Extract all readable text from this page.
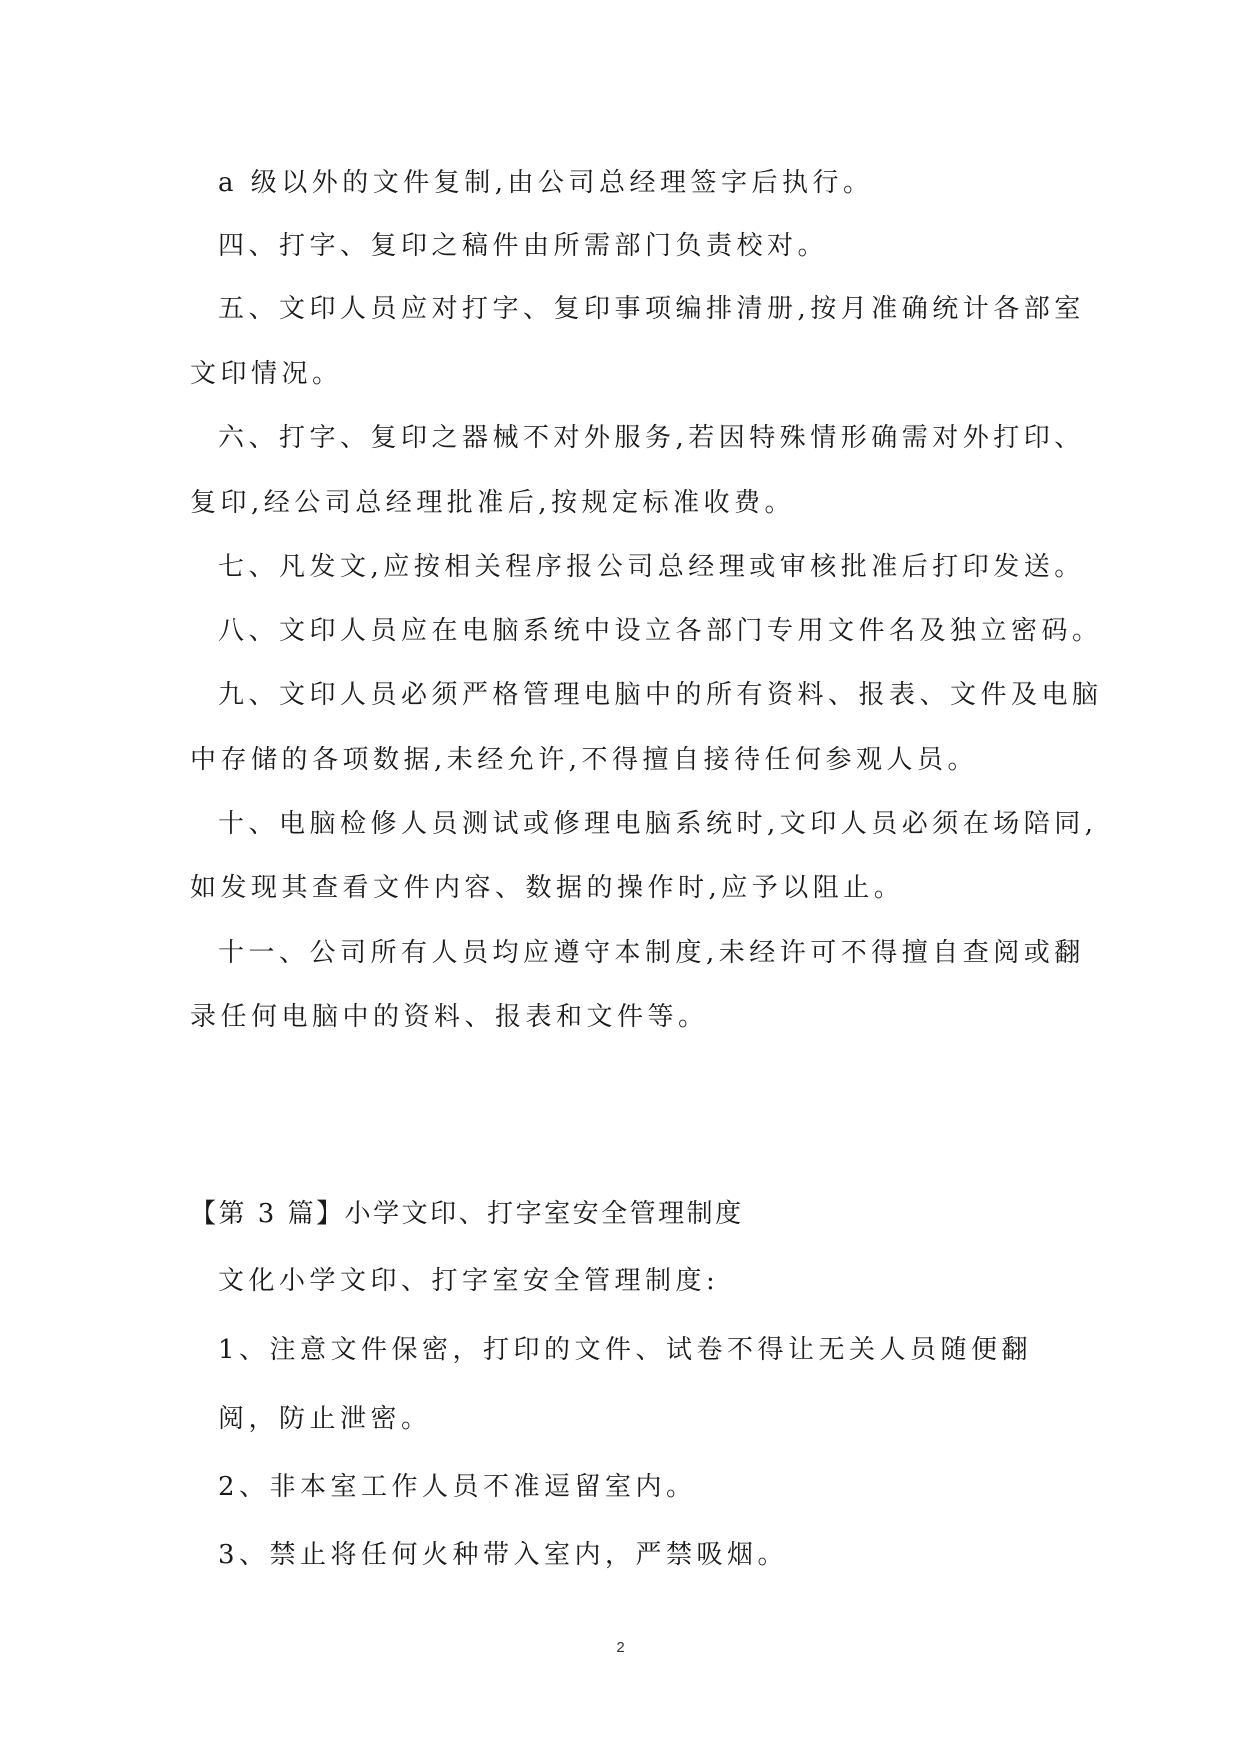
a 级以外的文件复制,由公司总经理签字后执行。
四、打字、复印之稿件由所需部门负责校对。
五、文印人员应对打字、复印事项编排清册,按月准确统计各部室
文印情况。
六、打字、复印之器械不对外服务,若因特殊情形确需对外打印、
复印,经公司总经理批准后,按规定标准收费。
七、凡发文,应按相关程序报公司总经理或审核批准后打印发送。
八、文印人员应在电脑系统中设立各部门专用文件名及独立密码。
九、文印人员必须严格管理电脑中的所有资料、报表、文件及电脑
中存储的各项数据,未经允许,不得擅自接待任何参观人员。
十、电脑检修人员测试或修理电脑系统时,文印人员必须在场陪同,
如发现其查看文件内容、数据的操作时,应予以阻止。
十一、公司所有人员均应遵守本制度,未经许可不得擅自查阅或翻
录任何电脑中的资料、报表和文件等。
【第 3 篇】小学文印、打字室安全管理制度
文化小学文印、打字室安全管理制度:
1、注意文件保密，打印的文件、试卷不得让无关人员随便翻
阅，防止泄密。
2、非本室工作人员不准逗留室内。
3、禁止将任何火种带入室内，严禁吸烟。
2
